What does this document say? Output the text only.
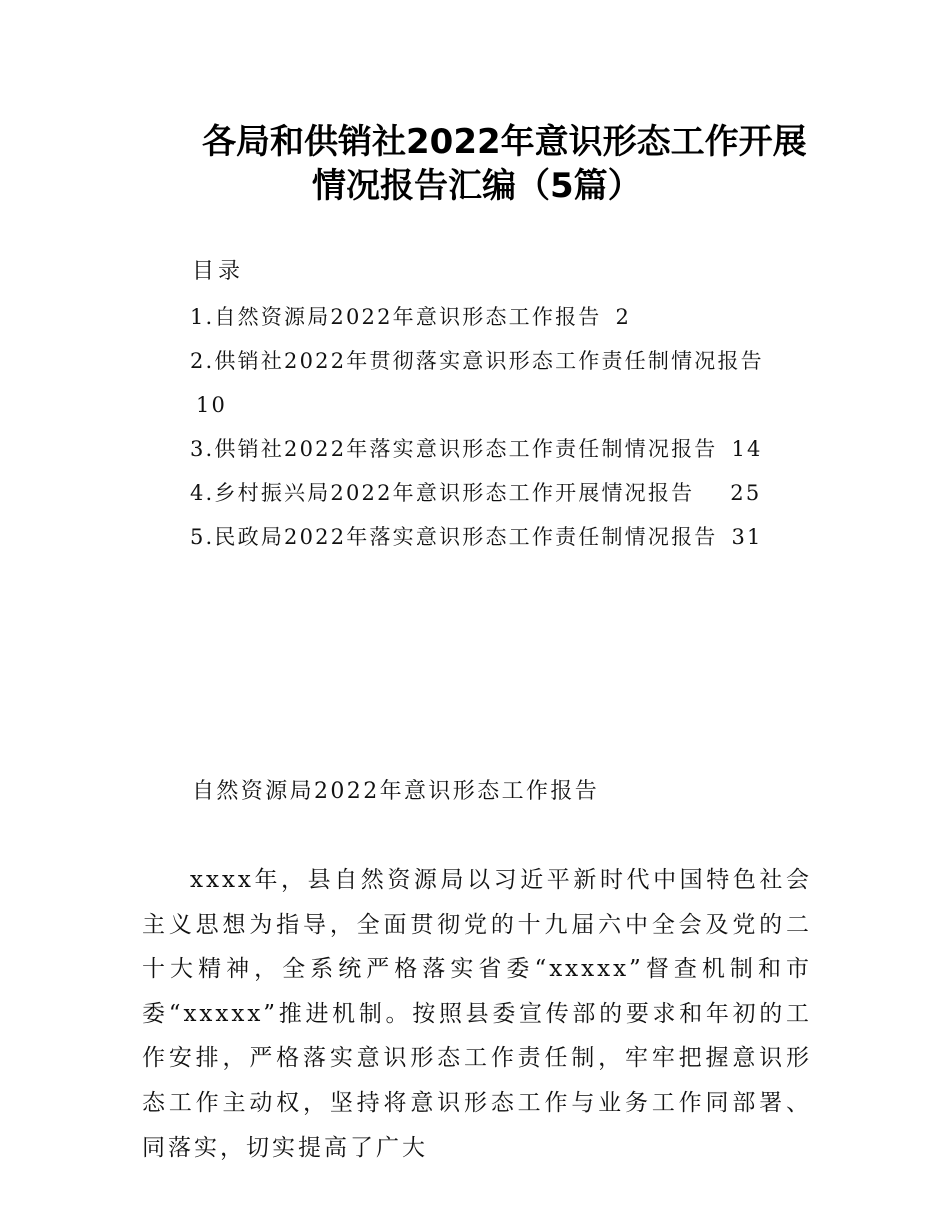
各局和供销社2022年意识形态工作开展
情况报告汇编（5篇）
目录
1.自然资源局2022年意识形态工作报告 2
2.供销社2022年贯彻落实意识形态工作责任制情况报告
10
3.供销社2022年落实意识形态工作责任制情况报告 14
4.乡村振兴局2022年意识形态工作开展情况报告 25
5.民政局2022年落实意识形态工作责任制情况报告 31
自然资源局2022年意识形态工作报告

xxxx年，县自然资源局以习近平新时代中国特色社会主义思想为指导，全面贯彻党的十九届六中全会及党的二十大精神，全系统严格落实省委“xxxxx”督查机制和市委“xxxxx”推进机制。按照县委宣传部的要求和年初的工作安排，严格落实意识形态工作责任制，牢牢把握意识形态工作主动权，坚持将意识形态工作与业务工作同部署、同落实，切实提高了广大
